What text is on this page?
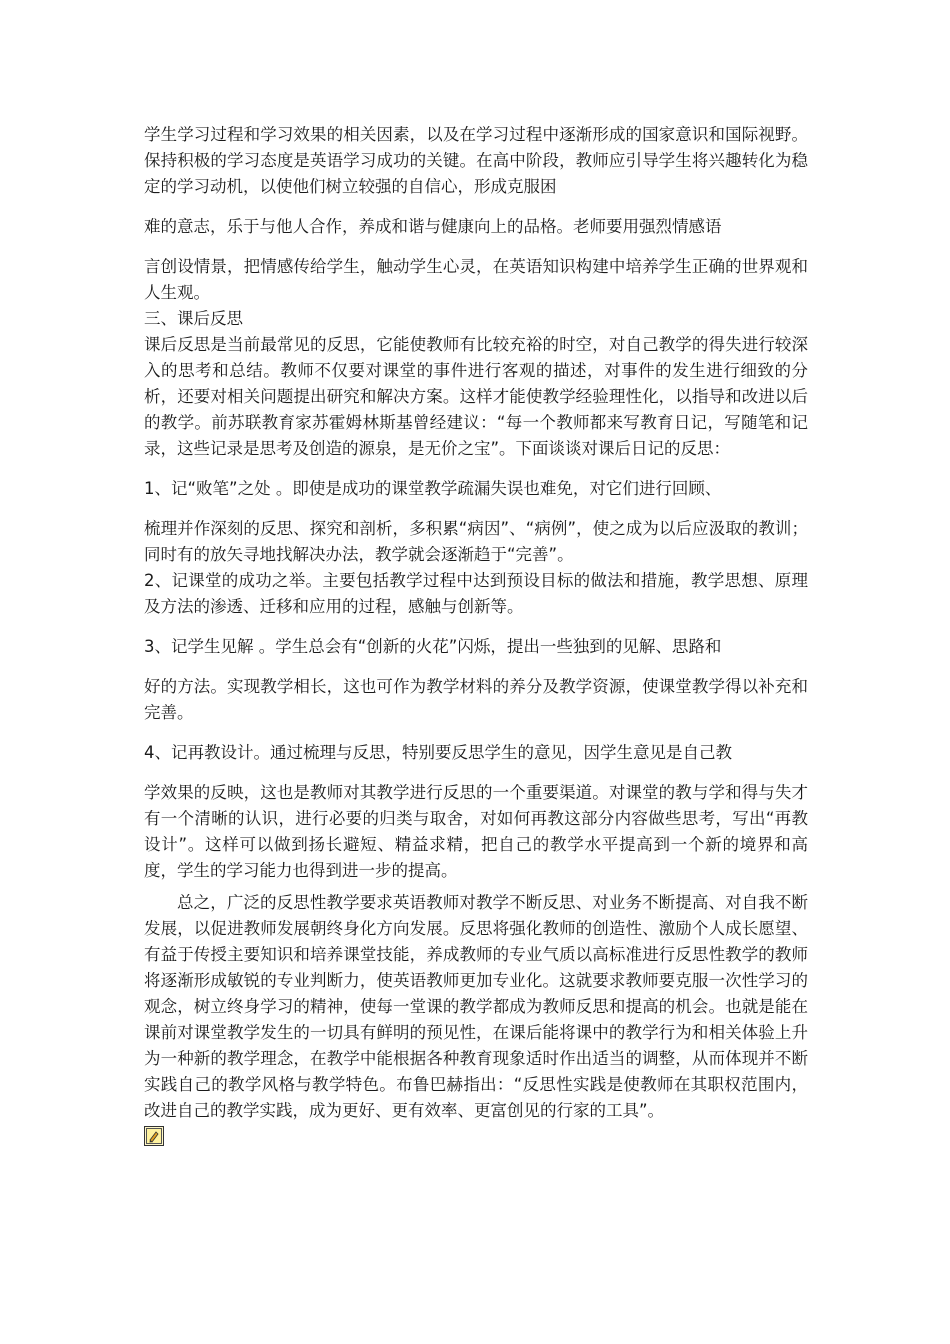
学生学习过程和学习效果的相关因素，以及在学习过程中逐渐形成的国家意识和国际视野。保持积极的学习态度是英语学习成功的关键。在高中阶段，教师应引导学生将兴趣转化为稳定的学习动机，以使他们树立较强的自信心，形成克服困

难的意志，乐于与他人合作，养成和谐与健康向上的品格。老师要用强烈情感语

言创设情景，把情感传给学生，触动学生心灵，在英语知识构建中培养学生正确的世界观和人生观。

三、课后反思

课后反思是当前最常见的反思，它能使教师有比较充裕的时空，对自己教学的得失进行较深入的思考和总结。教师不仅要对课堂的事件进行客观的描述，对事件的发生进行细致的分析，还要对相关问题提出研究和解决方案。这样才能使教学经验理性化，以指导和改进以后的教学。前苏联教育家苏霍姆林斯基曾经建议：“每一个教师都来写教育日记，写随笔和记录，这些记录是思考及创造的源泉，是无价之宝”。下面谈谈对课后日记的反思：

1、记“败笔”之处 。即使是成功的课堂教学疏漏失误也难免，对它们进行回顾、

梳理并作深刻的反思、探究和剖析，多积累“病因”、“病例”，使之成为以后应汲取的教训；同时有的放矢寻地找解决办法，教学就会逐渐趋于“完善”。

2、记课堂的成功之举。主要包括教学过程中达到预设目标的做法和措施，教学思想、原理及方法的渗透、迁移和应用的过程，感触与创新等。

3、记学生见解 。学生总会有“创新的火花”闪烁，提出一些独到的见解、思路和

好的方法。实现教学相长，这也可作为教学材料的养分及教学资源，使课堂教学得以补充和完善。

4、记再教设计。通过梳理与反思，特别要反思学生的意见，因学生意见是自己教

学效果的反映，这也是教师对其教学进行反思的一个重要渠道。对课堂的教与学和得与失才有一个清晰的认识，进行必要的归类与取舍，对如何再教这部分内容做些思考，写出“再教设计”。这样可以做到扬长避短、精益求精，把自己的教学水平提高到一个新的境界和高度，学生的学习能力也得到进一步的提高。

总之，广泛的反思性教学要求英语教师对教学不断反思、对业务不断提高、对自我不断发展，以促进教师发展朝终身化方向发展。反思将强化教师的创造性、激励个人成长愿望、有益于传授主要知识和培养课堂技能，养成教师的专业气质以高标准进行反思性教学的教师将逐渐形成敏锐的专业判断力，使英语教师更加专业化。这就要求教师要克服一次性学习的观念，树立终身学习的精神，使每一堂课的教学都成为教师反思和提高的机会。也就是能在课前对课堂教学发生的一切具有鲜明的预见性，在课后能将课中的教学行为和相关体验上升为一种新的教学理念，在教学中能根据各种教育现象适时作出适当的调整，从而体现并不断实践自己的教学风格与教学特色。布鲁巴赫指出：“反思性实践是使教师在其职权范围内，改进自己的教学实践，成为更好、更有效率、更富创见的行家的工具”。
